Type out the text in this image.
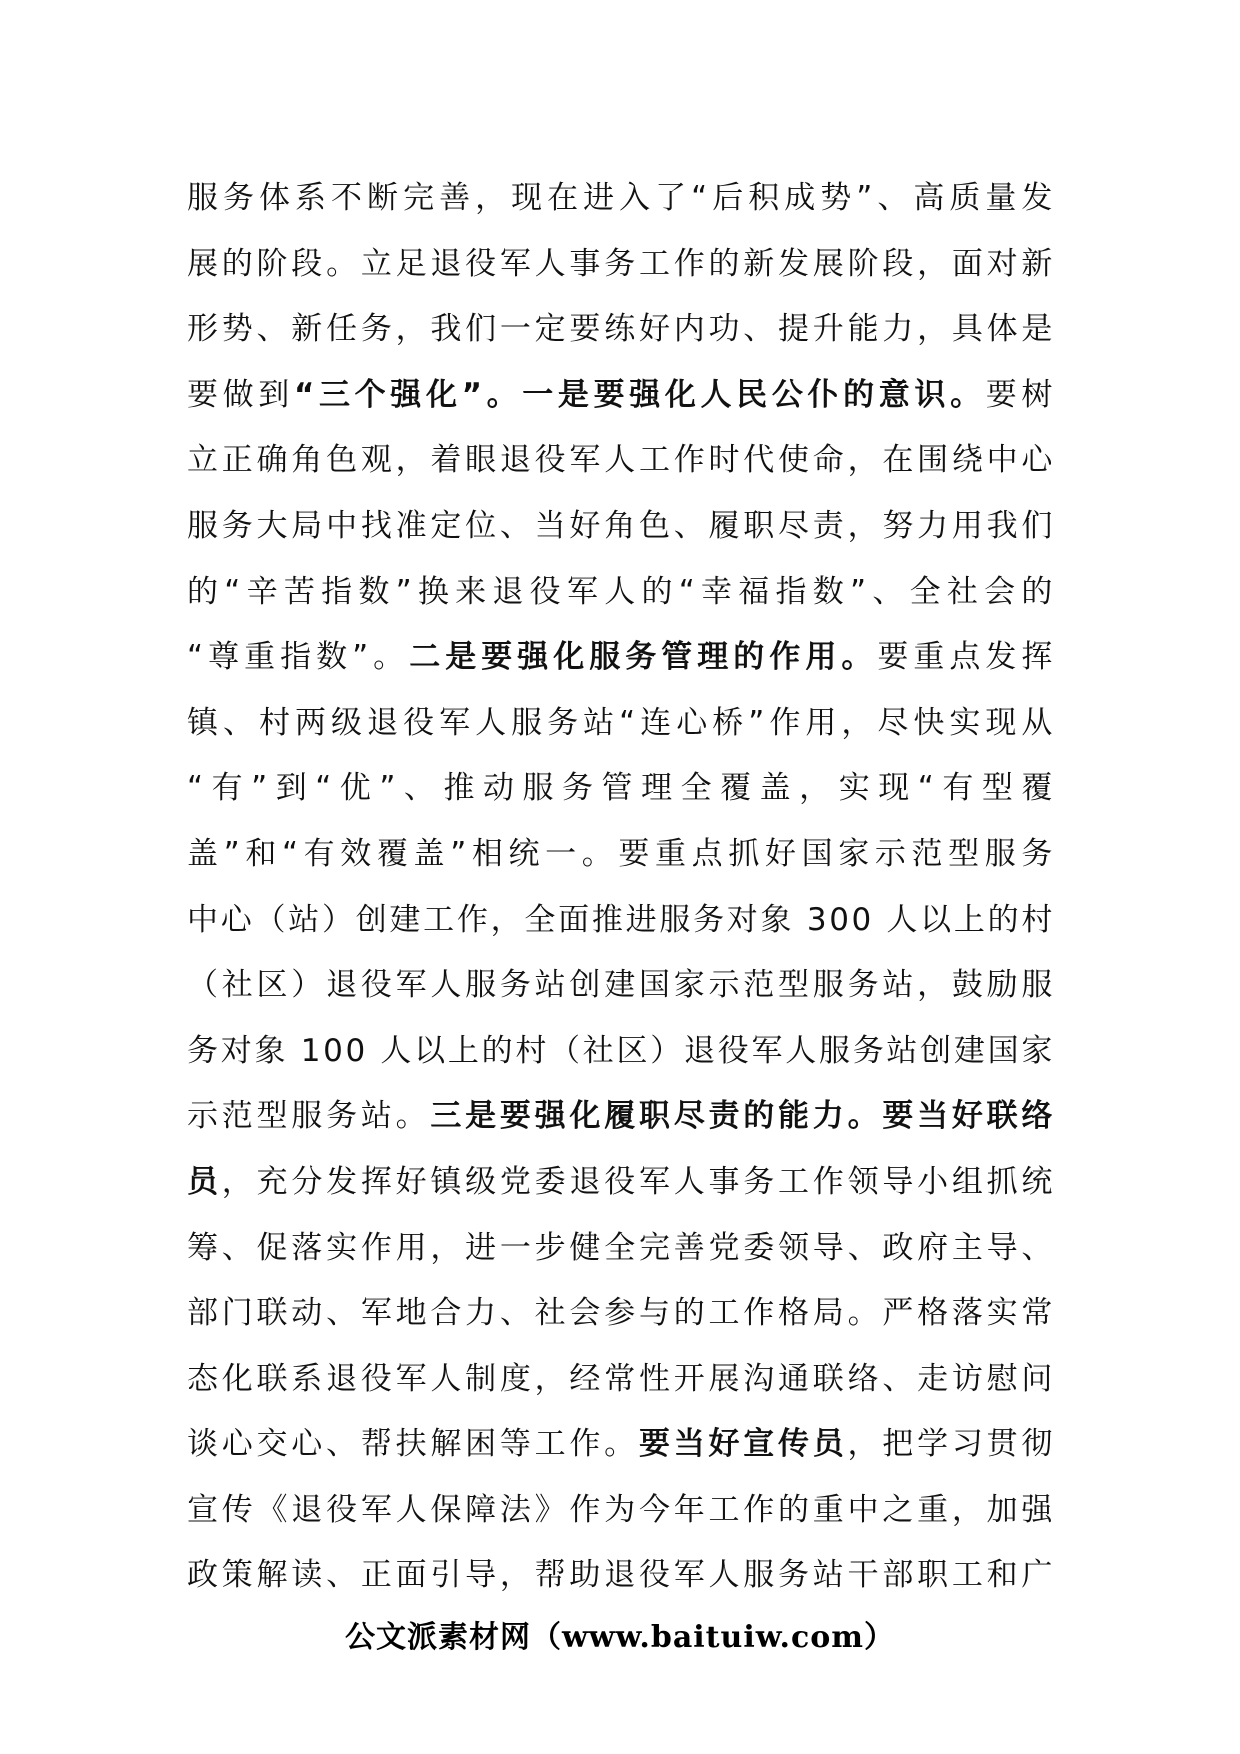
服务体系不断完善，现在进入了“后积成势”、高质量发
展的阶段。立足退役军人事务工作的新发展阶段，面对新
形势、新任务，我们一定要练好内功、提升能力，具体是
要做到“三个强化”。一是要强化人民公仆的意识。要树
立正确角色观，着眼退役军人工作时代使命，在围绕中心
服务大局中找准定位、当好角色、履职尽责，努力用我们
的“辛苦指数”换来退役军人的“幸福指数”、全社会的
“尊重指数”。二是要强化服务管理的作用。要重点发挥
镇、村两级退役军人服务站“连心桥”作用，尽快实现从
“有”到“优”、推动服务管理全覆盖，实现“有型覆
盖”和“有效覆盖”相统一。要重点抓好国家示范型服务
中心（站）创建工作，全面推进服务对象 300 人以上的村
（社区）退役军人服务站创建国家示范型服务站，鼓励服
务对象 100 人以上的村（社区）退役军人服务站创建国家
示范型服务站。三是要强化履职尽责的能力。要当好联络
员，充分发挥好镇级党委退役军人事务工作领导小组抓统
筹、促落实作用，进一步健全完善党委领导、政府主导、
部门联动、军地合力、社会参与的工作格局。严格落实常
态化联系退役军人制度，经常性开展沟通联络、走访慰问
谈心交心、帮扶解困等工作。要当好宣传员，把学习贯彻
宣传《退役军人保障法》作为今年工作的重中之重，加强
政策解读、正面引导，帮助退役军人服务站干部职工和广
公文派素材网（www.baituiw.com）
